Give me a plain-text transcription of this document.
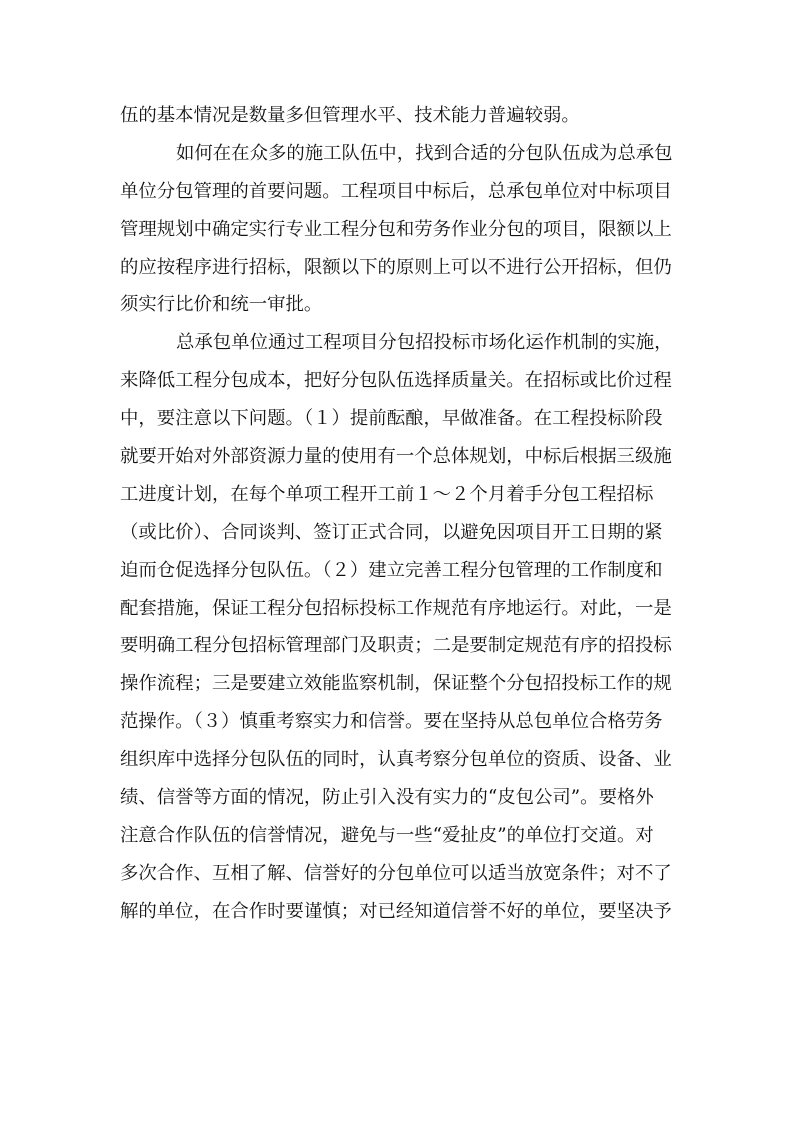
伍的基本情况是数量多但管理水平、技术能力普遍较弱。
如何在在众多的施工队伍中，找到合适的分包队伍成为总承包
单位分包管理的首要问题。工程项目中标后，总承包单位对中标项目
管理规划中确定实行专业工程分包和劳务作业分包的项目，限额以上
的应按程序进行招标，限额以下的原则上可以不进行公开招标，但仍
须实行比价和统一审批。
总承包单位通过工程项目分包招投标市场化运作机制的实施，
来降低工程分包成本，把好分包队伍选择质量关。在招标或比价过程
中，要注意以下问题。（１）提前酝酿，早做准备。在工程投标阶段
就要开始对外部资源力量的使用有一个总体规划，中标后根据三级施
工进度计划，在每个单项工程开工前１～２个月着手分包工程招标
（或比价）、合同谈判、签订正式合同，以避免因项目开工日期的紧
迫而仓促选择分包队伍。（２）建立完善工程分包管理的工作制度和
配套措施，保证工程分包招标投标工作规范有序地运行。对此，一是
要明确工程分包招标管理部门及职责；二是要制定规范有序的招投标
操作流程；三是要建立效能监察机制，保证整个分包招投标工作的规
范操作。（３）慎重考察实力和信誉。要在坚持从总包单位合格劳务
组织库中选择分包队伍的同时，认真考察分包单位的资质、设备、业
绩、信誉等方面的情况，防止引入没有实力的“皮包公司”。要格外
注意合作队伍的信誉情况，避免与一些“爱扯皮”的单位打交道。对
多次合作、互相了解、信誉好的分包单位可以适当放宽条件；对不了
解的单位，在合作时要谨慎；对已经知道信誉不好的单位，要坚决予
